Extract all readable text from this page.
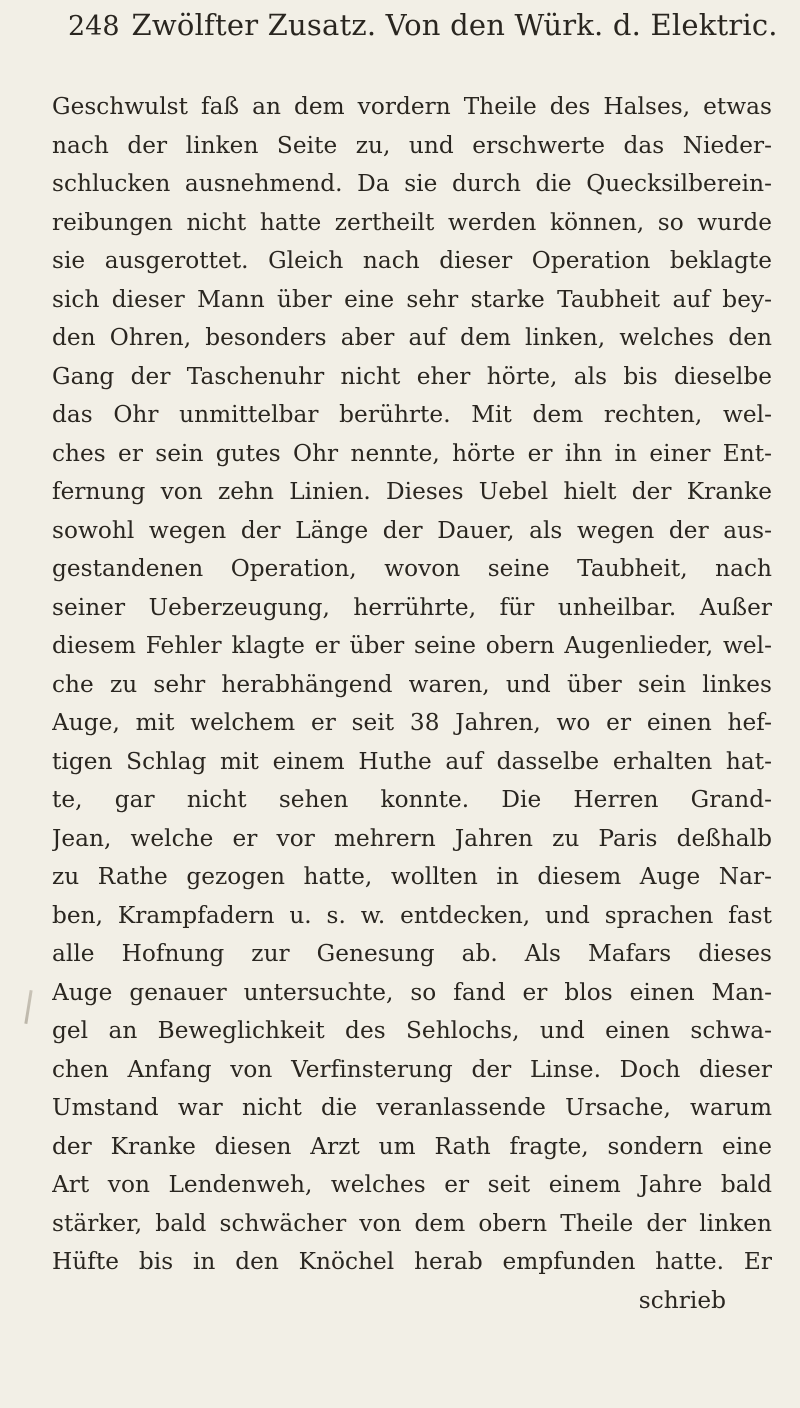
248 Zwölfter Zusatz. Von den Würk. d. Elektric.
Geschwulst faß an dem vordern Theile des Halses, etwas
nach der linken Seite zu, und erschwerte das Nieder-
schlucken ausnehmend. Da sie durch die Quecksilberein-
reibungen nicht hatte zertheilt werden können, so wurde
sie ausgerottet. Gleich nach dieser Operation beklagte
sich dieser Mann über eine sehr starke Taubheit auf bey-
den Ohren, besonders aber auf dem linken, welches den
Gang der Taschenuhr nicht eher hörte, als bis dieselbe
das Ohr unmittelbar berührte. Mit dem rechten, wel-
ches er sein gutes Ohr nennte, hörte er ihn in einer Ent-
fernung von zehn Linien. Dieses Uebel hielt der Kranke
sowohl wegen der Länge der Dauer, als wegen der aus-
gestandenen Operation, wovon seine Taubheit, nach
seiner Ueberzeugung, herrührte, für unheilbar. Außer
diesem Fehler klagte er über seine obern Augenlieder, wel-
che zu sehr herabhängend waren, und über sein linkes
Auge, mit welchem er seit 38 Jahren, wo er einen hef-
tigen Schlag mit einem Huthe auf dasselbe erhalten hat-
te, gar nicht sehen konnte. Die Herren Grand-
Jean, welche er vor mehrern Jahren zu Paris deßhalb
zu Rathe gezogen hatte, wollten in diesem Auge Nar-
ben, Krampfadern u. s. w. entdecken, und sprachen fast
alle Hofnung zur Genesung ab. Als Mafars dieses
Auge genauer untersuchte, so fand er blos einen Man-
gel an Beweglichkeit des Sehlochs, und einen schwa-
chen Anfang von Verfinsterung der Linse. Doch dieser
Umstand war nicht die veranlassende Ursache, warum
der Kranke diesen Arzt um Rath fragte, sondern eine
Art von Lendenweh, welches er seit einem Jahre bald
stärker, bald schwächer von dem obern Theile der linken
Hüfte bis in den Knöchel herab empfunden hatte. Er
schrieb
